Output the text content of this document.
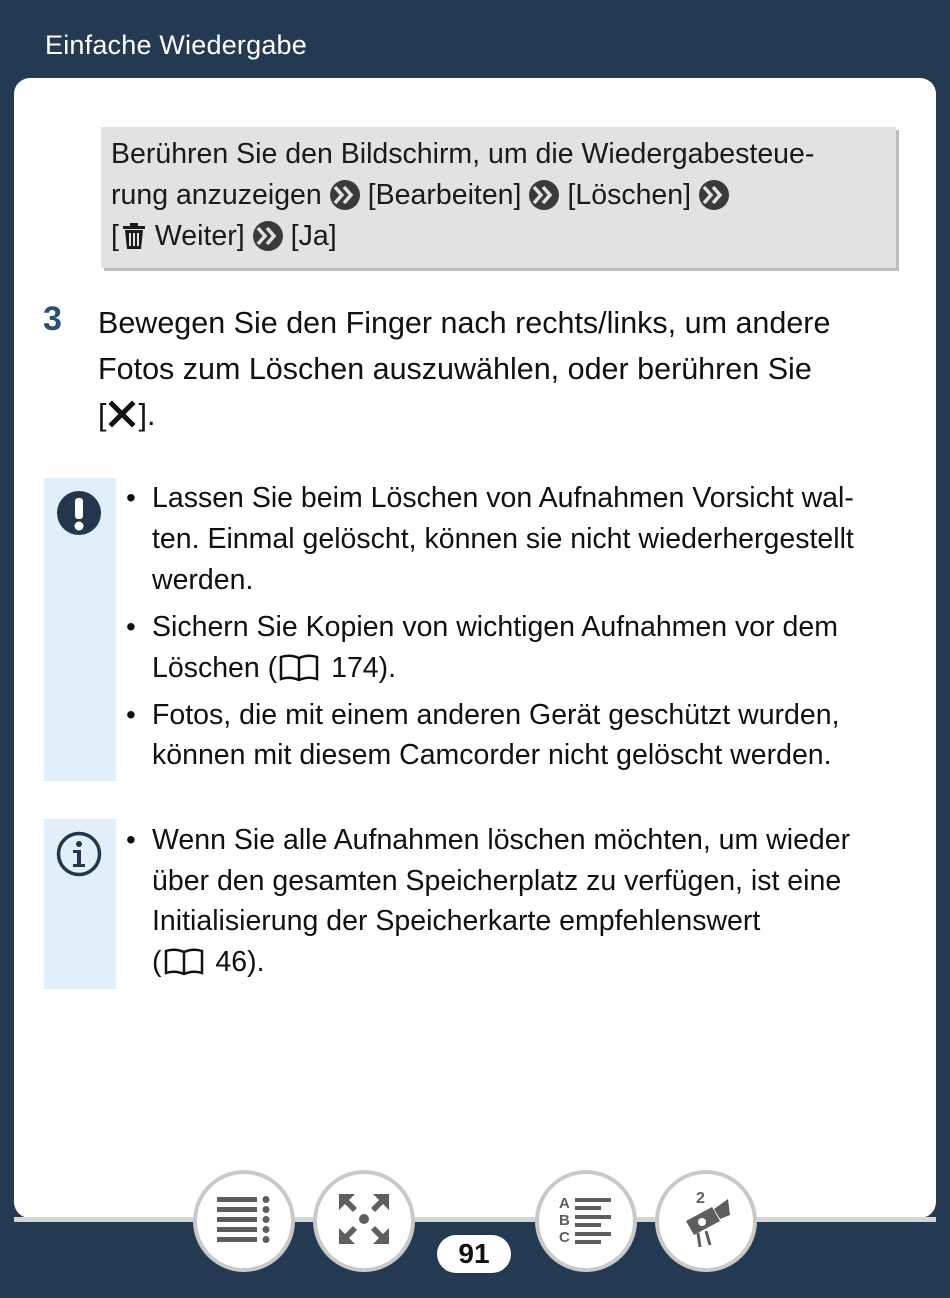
Einfache Wiedergabe
Berühren Sie den Bildschirm, um die Wiedergabesteue-
rung anzuzeigen [Bearbeiten] [Löschen]
[ Weiter] [Ja]
3 Bewegen Sie den Finger nach rechts/links, um andere
Fotos zum Löschen auszuwählen, oder berühren Sie
[ ].
• Lassen Sie beim Löschen von Aufnahmen Vorsicht wal-
ten. Einmal gelöscht, können sie nicht wiederhergestellt
werden.
• Sichern Sie Kopien von wichtigen Aufnahmen vor dem
Löschen ( 174).
• Fotos, die mit einem anderen Gerät geschützt wurden,
können mit diesem Camcorder nicht gelöscht werden.
• Wenn Sie alle Aufnahmen löschen möchten, um wieder
über den gesamten Speicherplatz zu verfügen, ist eine
Initialisierung der Speicherkarte empfehlenswert
( 46).
91
A
B
C
2
